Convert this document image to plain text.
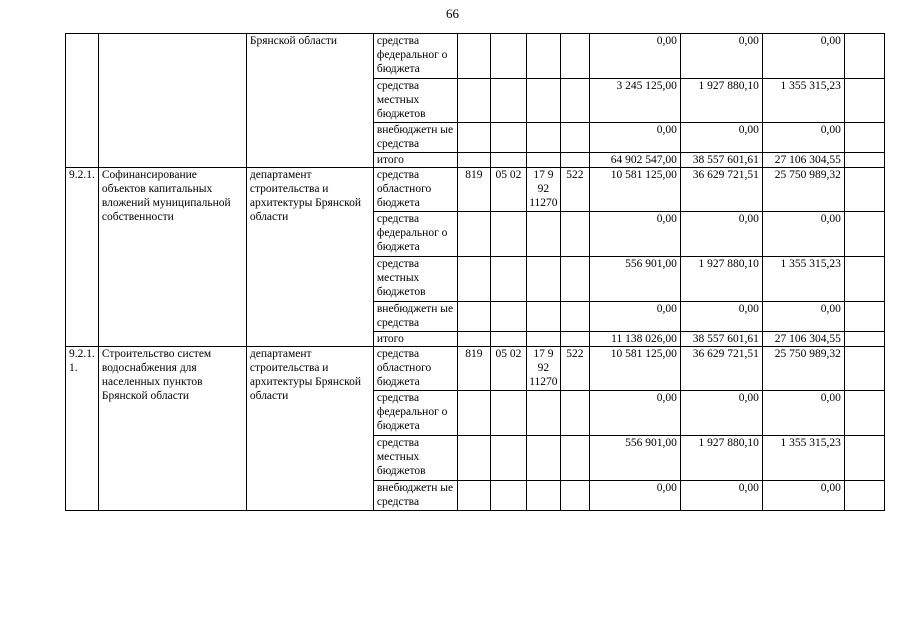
66
		Брянской области	средства федеральног о бюджета					0,00	0,00	0,00	
			средства местных бюджетов					3 245 125,00	1 927 880,10	1 355 315,23	
			внебюджетн ые средства					0,00	0,00	0,00	
			итого					64 902 547,00	38 557 601,61	27 106 304,55	
9.2.1.	Софинансирование объектов капитальных вложений муниципальной собственности	департамент строительства и архитектуры Брянской области	средства областного бюджета	819	05 02	17 9 92 11270	522	10 581 125,00	36 629 721,51	25 750 989,32	
			средства федеральног о бюджета					0,00	0,00	0,00	
			средства местных бюджетов					556 901,00	1 927 880,10	1 355 315,23	
			внебюджетн ые средства					0,00	0,00	0,00	
			итого					11 138 026,00	38 557 601,61	27 106 304,55	
9.2.1. 1.	Строительство систем водоснабжения для населенных пунктов Брянской области	департамент строительства и архитектуры Брянской области	средства областного бюджета	819	05 02	17 9 92 11270	522	10 581 125,00	36 629 721,51	25 750 989,32	
			средства федеральног о бюджета					0,00	0,00	0,00	
			средства местных бюджетов					556 901,00	1 927 880,10	1 355 315,23	
			внебюджетн ые средства					0,00	0,00	0,00	
